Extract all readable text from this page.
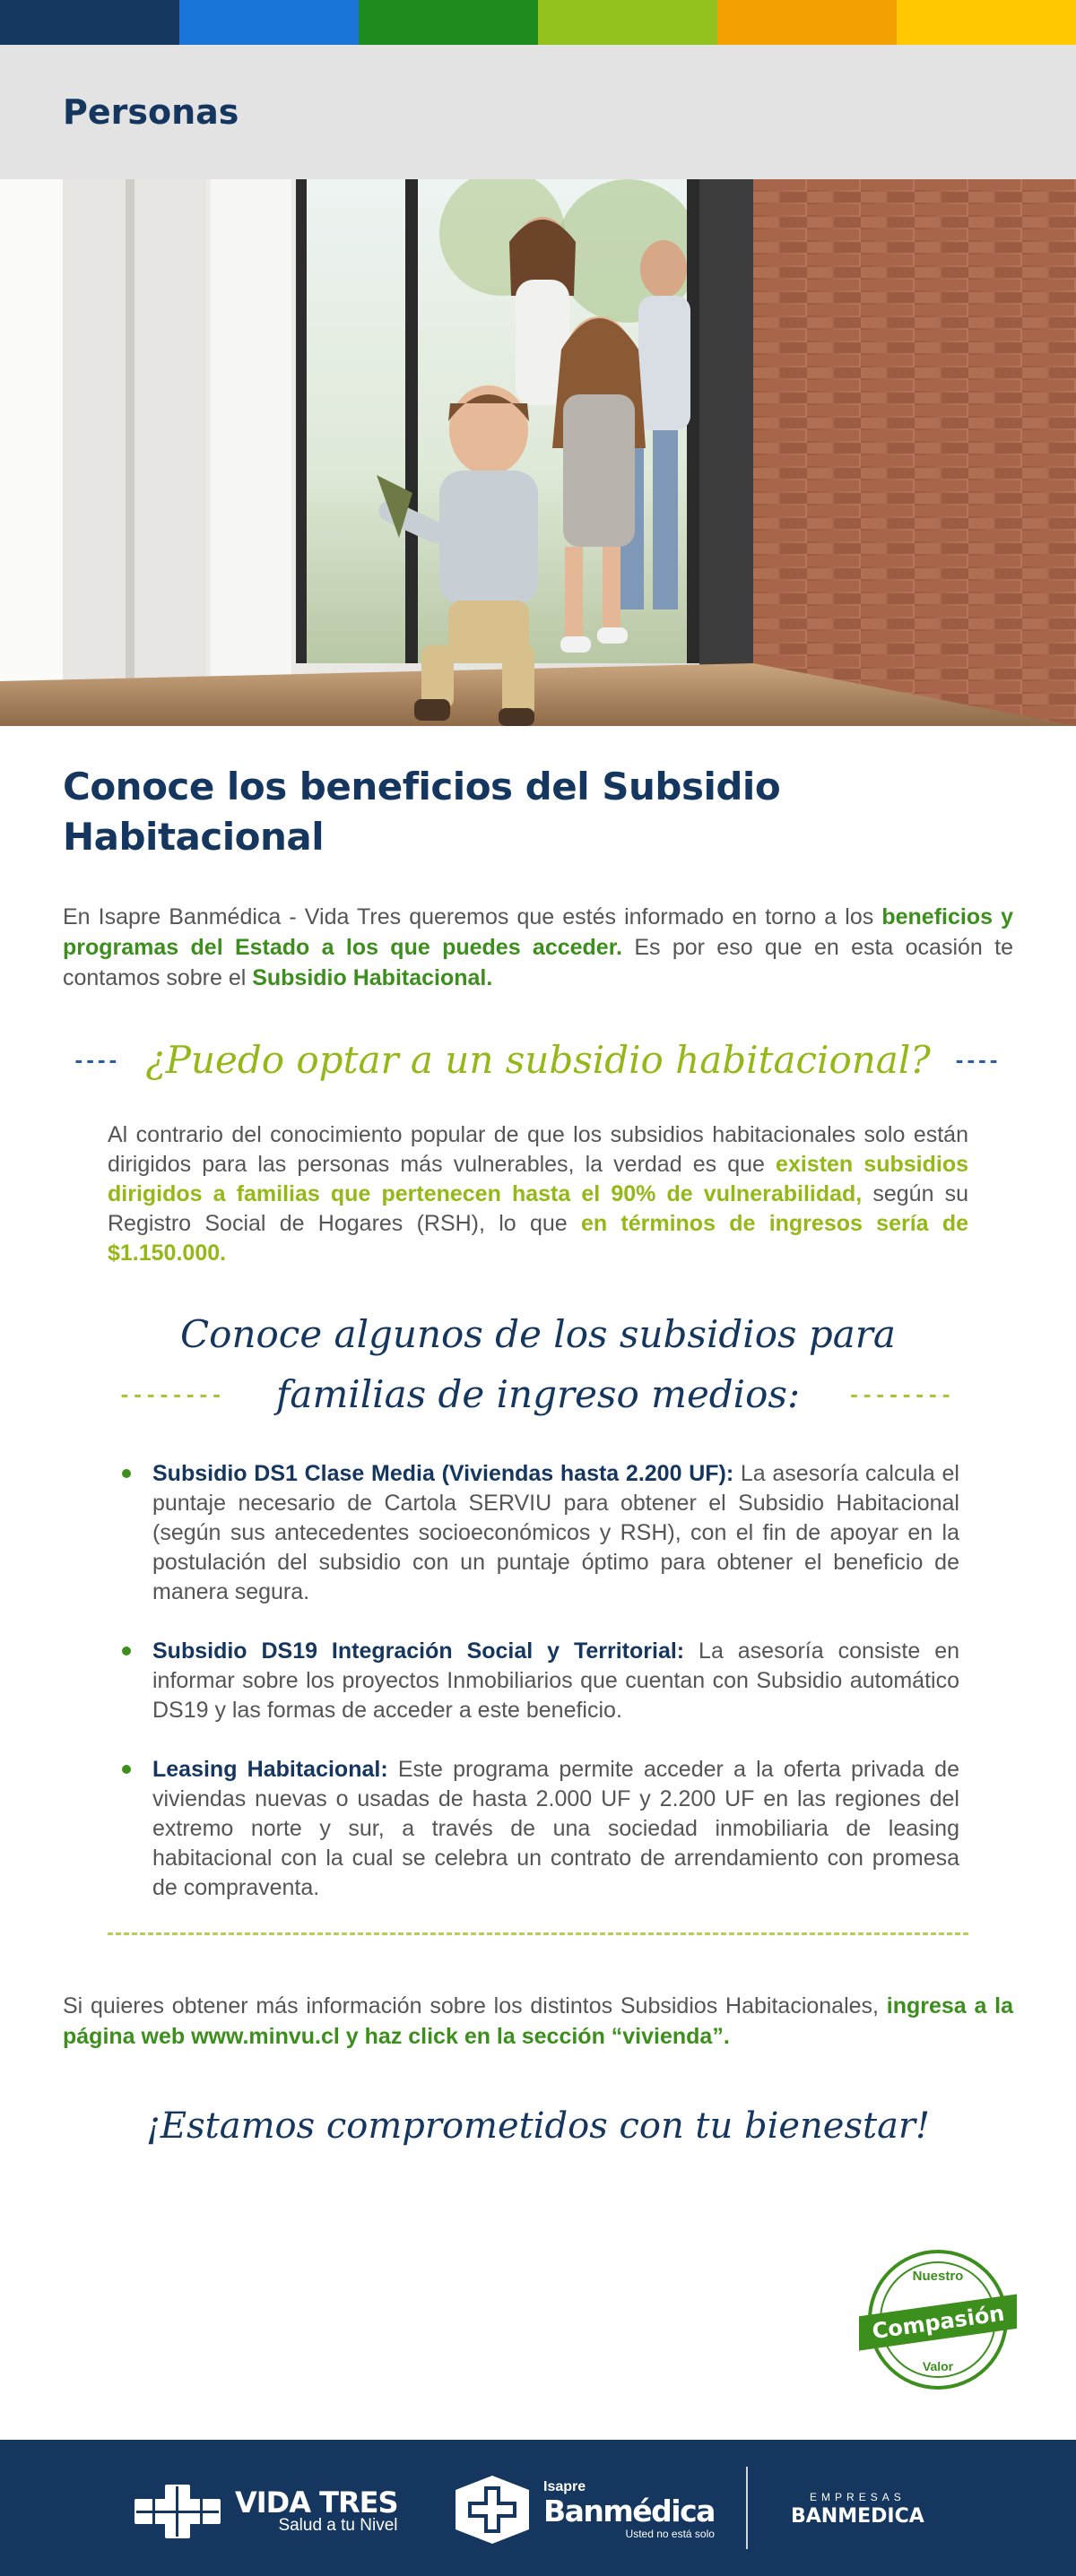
Personas
Conoce los beneficios del Subsidio Habitacional

En Isapre Banmédica - Vida Tres queremos que estés informado en torno a los beneficios y programas del Estado a los que puedes acceder. Es por eso que en esta ocasión te contamos sobre el Subsidio Habitacional.

---- ¿Puedo optar a un subsidio habitacional? ----

Al contrario del conocimiento popular de que los subsidios habitacionales solo están dirigidos para las personas más vulnerables, la verdad es que existen subsidios dirigidos a familias que pertenecen hasta el 90% de vulnerabilidad, según su Registro Social de Hogares (RSH), lo que en términos de ingresos sería de $1.150.000.

Conoce algunos de los subsidios para
-------- familias de ingreso medios: --------
Subsidio DS1 Clase Media (Viviendas hasta 2.200 UF): La asesoría calcula el puntaje necesario de Cartola SERVIU para obtener el Subsidio Habitacional (según sus antecedentes socioeconómicos y RSH), con el fin de apoyar en la postulación del subsidio con un puntaje óptimo para obtener el beneficio de manera segura.
Subsidio DS19 Integración Social y Territorial: La asesoría consiste en informar sobre los proyectos Inmobiliarios que cuentan con Subsidio automático DS19 y las formas de acceder a este beneficio.
Leasing Habitacional: Este programa permite acceder a la oferta privada de viviendas nuevas o usadas de hasta 2.000 UF y 2.200 UF en las regiones del extremo norte y sur, a través de una sociedad inmobiliaria de leasing habitacional con la cual se celebra un contrato de arrendamiento con promesa de compraventa.

Si quieres obtener más información sobre los distintos Subsidios Habitacionales, ingresa a la página web www.minvu.cl y haz click en la sección “vivienda”.

¡Estamos comprometidos con tu bienestar!
Nuestro
Valor
Compasión
VIDA TRES
Salud a tu Nivel
Isapre
Banmédica
Usted no está solo
EMPRESAS
BANMEDICA
